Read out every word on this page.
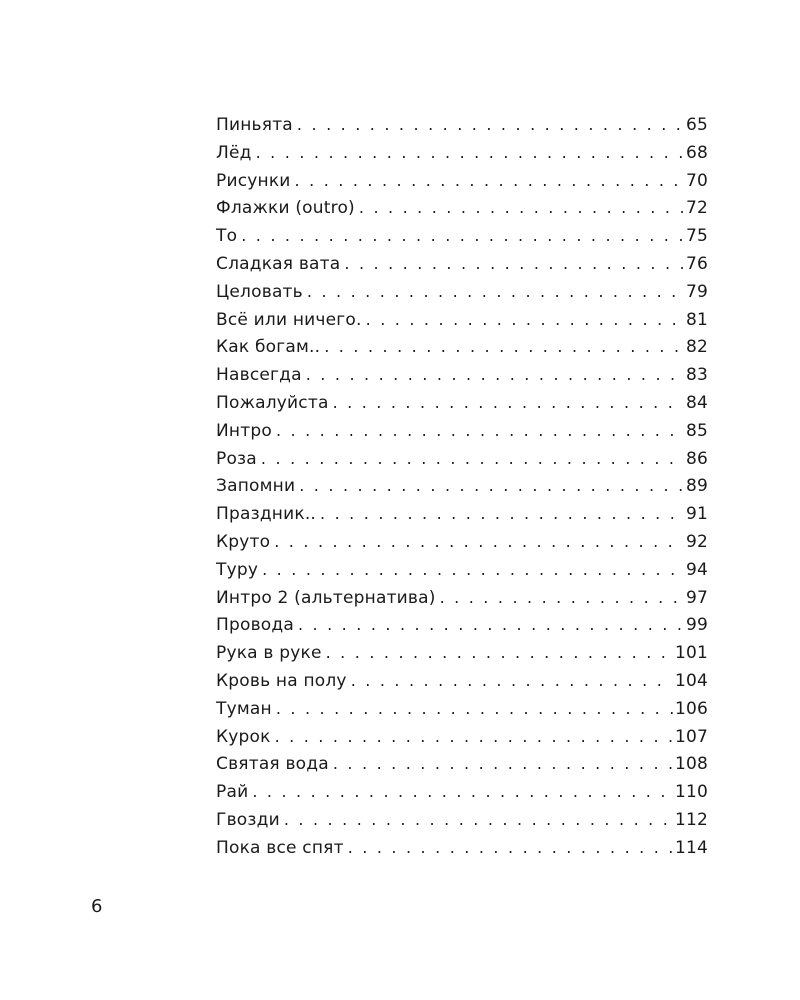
Пиньята . . .	65
Лёд . . .	68
Рисунки . . .	70
Флажки (outro) . . .	72
То . . .	75
Сладкая вата . . .	76
Целовать . . .	79
Всё или ничего. . . .	81
Как богам.. . . .	82
Навсегда . . .	83
Пожалуйста . . .	84
Интро . . .	85
Роза . . .	86
Запомни . . .	89
Праздник.. . . .	91
Круто . . .	92
Туру . . .	94
Интро 2 (альтернатива) . . .	97
Провода . . .	99
Рука в руке . . .	101
Кровь на полу . . .	104
Туман . . .	106
Курок . . .	107
Святая вода . . .	108
Рай . . .	110
Гвозди . . .	112
Пока все спят . . .	114
6
